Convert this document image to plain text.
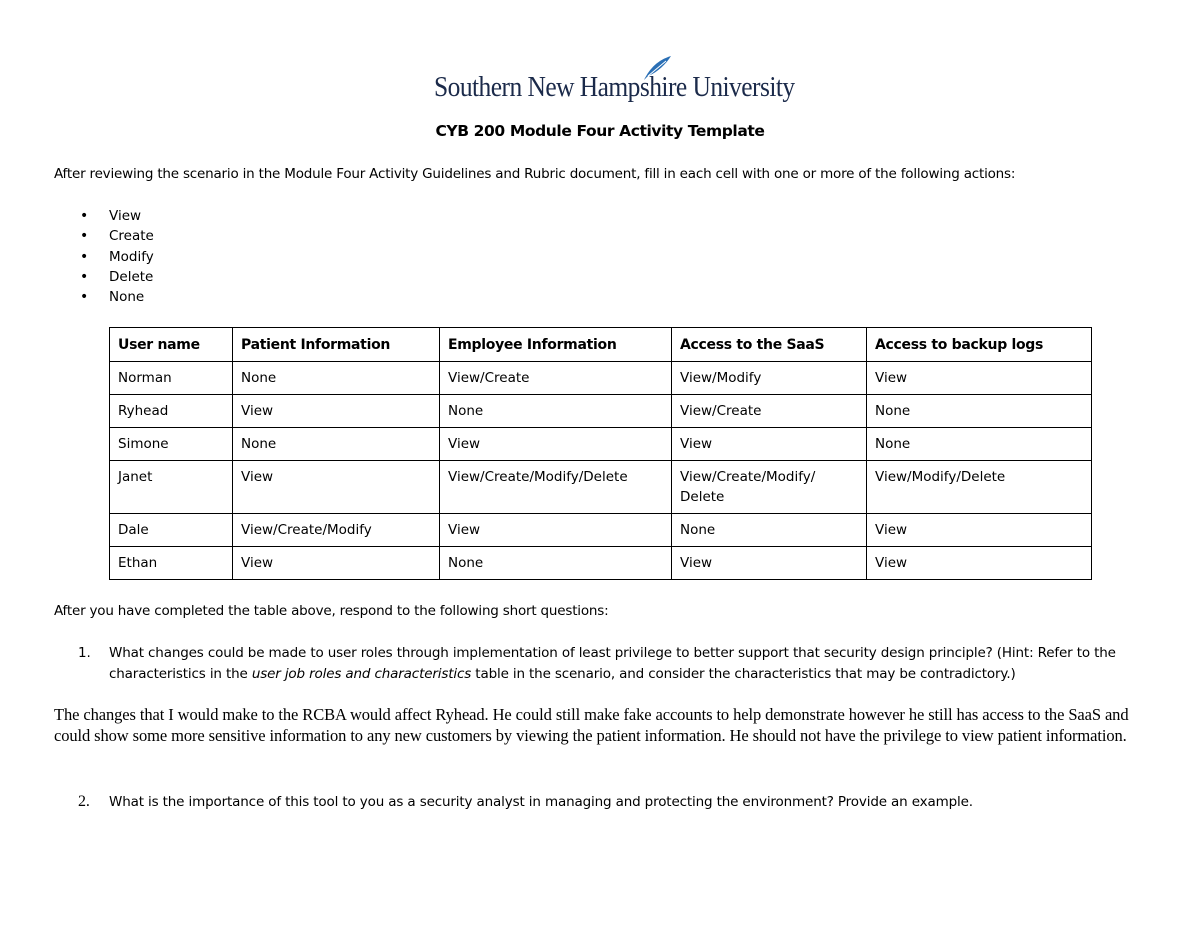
Southern New Hampshire University
CYB 200 Module Four Activity Template
After reviewing the scenario in the Module Four Activity Guidelines and Rubric document, fill in each cell with one or more of the following actions:
• View
• Create
• Modify
• Delete
• None
User name	Patient Information	Employee Information	Access to the SaaS	Access to backup logs
Norman	None	View/Create	View/Modify	View
Ryhead	View	None	View/Create	None
Simone	None	View	View	None
Janet	View	View/Create/Modify/Delete	View/Create/Modify/ Delete	View/Modify/Delete
Dale	View/Create/Modify	View	None	View
Ethan	View	None	View	View
After you have completed the table above, respond to the following short questions:
1.	What changes could be made to user roles through implementation of least privilege to better support that security design principle? (Hint: Refer to the characteristics in the user job roles and characteristics table in the scenario, and consider the characteristics that may be contradictory.)
The changes that I would make to the RCBA would affect Ryhead. He could still make fake accounts to help demonstrate however he still has access to the SaaS and could show some more sensitive information to any new customers by viewing the patient information. He should not have the privilege to view patient information.
2.	What is the importance of this tool to you as a security analyst in managing and protecting the environment? Provide an example.
